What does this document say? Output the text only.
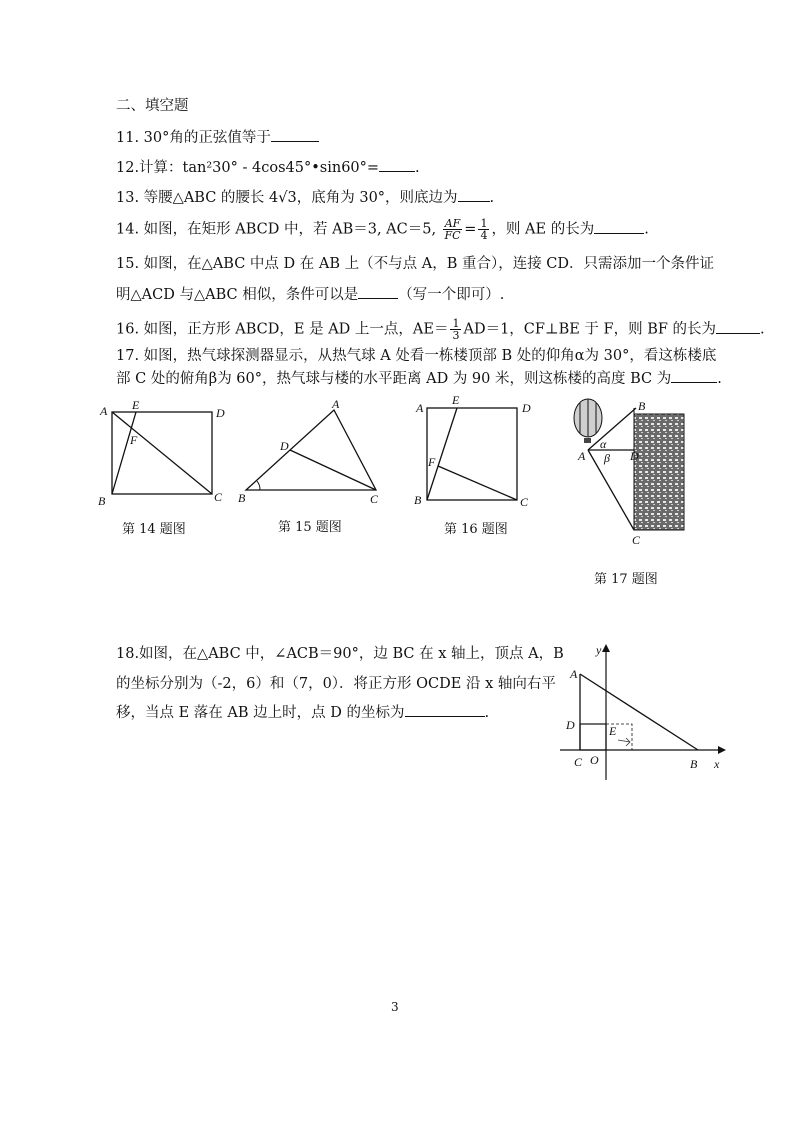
二、填空题
11. 30°角的正弦值等于
12.计算：tan²30° - 4cos45°•sin60°= .
13. 等腰△ABC 的腰长 4√3，底角为 30°，则底边为 .
14. 如图，在矩形 ABCD 中，若 AB＝3, AC＝5, $\frac{AF}{FC} = \frac{1}{4}$ ，则 AE 的长为	.
15. 如图，在△ABC 中点 D 在 AB 上（不与点 A，B 重合），连接 CD．只需添加一个条件证
明△ACD 与△ABC 相似，条件可以是	（写一个即可）.
16. 如图，正方形 ABCD，E 是 AD 上一点，$AE= \frac{1}{3} AD=1$，CF⊥BE 于 F，则 BF 的长为	.
17. 如图，热气球探测器显示，从热气球 A 处看一栋楼顶部 B 处的仰角α为 30°，看这栋楼底
部 C 处的俯角β为 60°，热气球与楼的水平距离 AD 为 90 米，则这栋楼的高度 BC 为	.
A E
D
F
B	C
第 14 题图
A
D
B	C
第 15 题图
A
E
D
F
B	C
第 16 题图
B
A
α
β D
C
第 17 题图
18.如图，在△ABC 中，∠ACB＝90°，边 BC 在 x 轴上，顶点 A，B
的坐标分别为（-2，6）和（7，0）．将正方形 OCDE 沿 x 轴向右平
移，当点 E 落在 AB 边上时，点 D 的坐标为	.
y
A
D	E
C O	B x
3
